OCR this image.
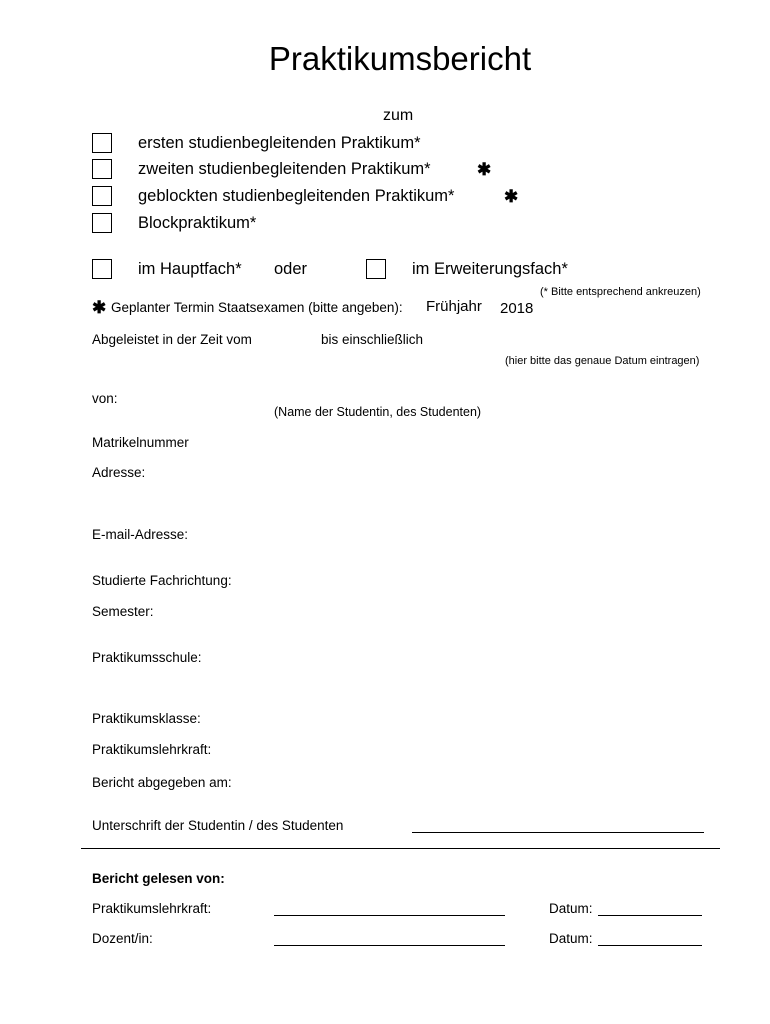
Praktikumsbericht
zum
ersten studienbegleitenden Praktikum*
zweiten studienbegleitenden Praktikum*	✱
geblockten studienbegleitenden Praktikum*	✱
Blockpraktikum*
im Hauptfach* oder	im Erweiterungsfach*
(* Bitte entsprechend ankreuzen)
✱ Geplanter Termin Staatsexamen (bitte angeben): Frühjahr 2018
Abgeleistet in der Zeit vom	bis einschließlich
(hier bitte das genaue Datum eintragen)
von:
(Name der Studentin, des Studenten)
Matrikelnummer
Adresse:
E-mail-Adresse:
Studierte Fachrichtung:
Semester:
Praktikumsschule:
Praktikumsklasse:
Praktikumslehrkraft:
Bericht abgegeben am:
Unterschrift der Studentin / des Studenten
Bericht gelesen von:
Praktikumslehrkraft:	Datum:
Dozent/in:	Datum:
